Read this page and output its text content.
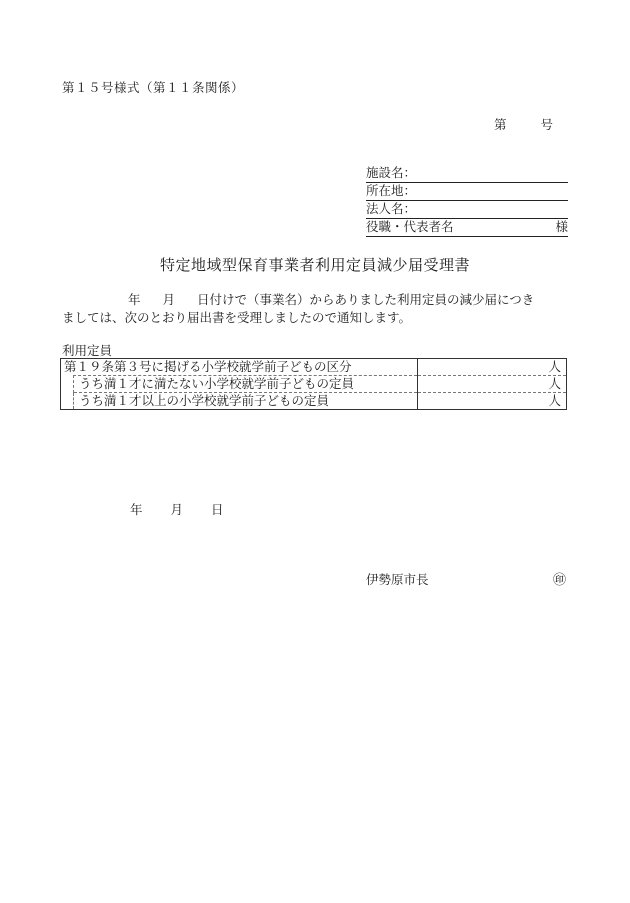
第１５号様式（第１１条関係）
第	号
施設名：
所在地：
法人名：
役職・代表者名	様
特定地域型保育事業者利用定員減少届受理書
年 月 日付けで（事業名）からありました利用定員の減少届につき
ましては、次のとおり届出書を受理しましたので通知します。
利用定員
第１９条第３号に掲げる小学校就学前子どもの区分		人
	うち満１才に満たない小学校就学前子どもの定員	人
	うち満１才以上の小学校就学前子どもの定員	人
年 月 日
伊勢原市長	㊞
